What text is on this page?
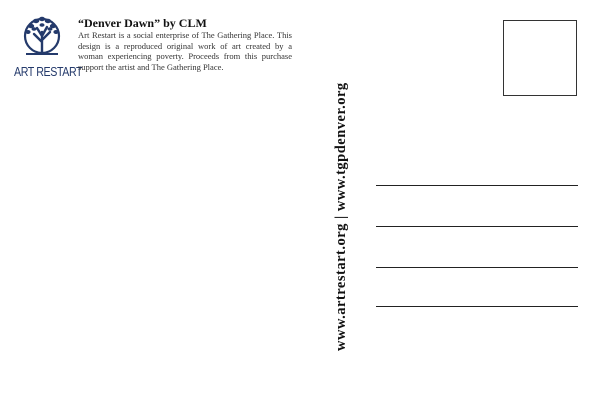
ART RESTART
“Denver Dawn” by CLM
Art Restart is a social enterprise of The Gathering Place. This design is a reproduced original work of art created by a woman experiencing poverty. Proceeds from this purchase support the artist and The Gathering Place.
www.artrestart.org | www.tgpdenver.org
